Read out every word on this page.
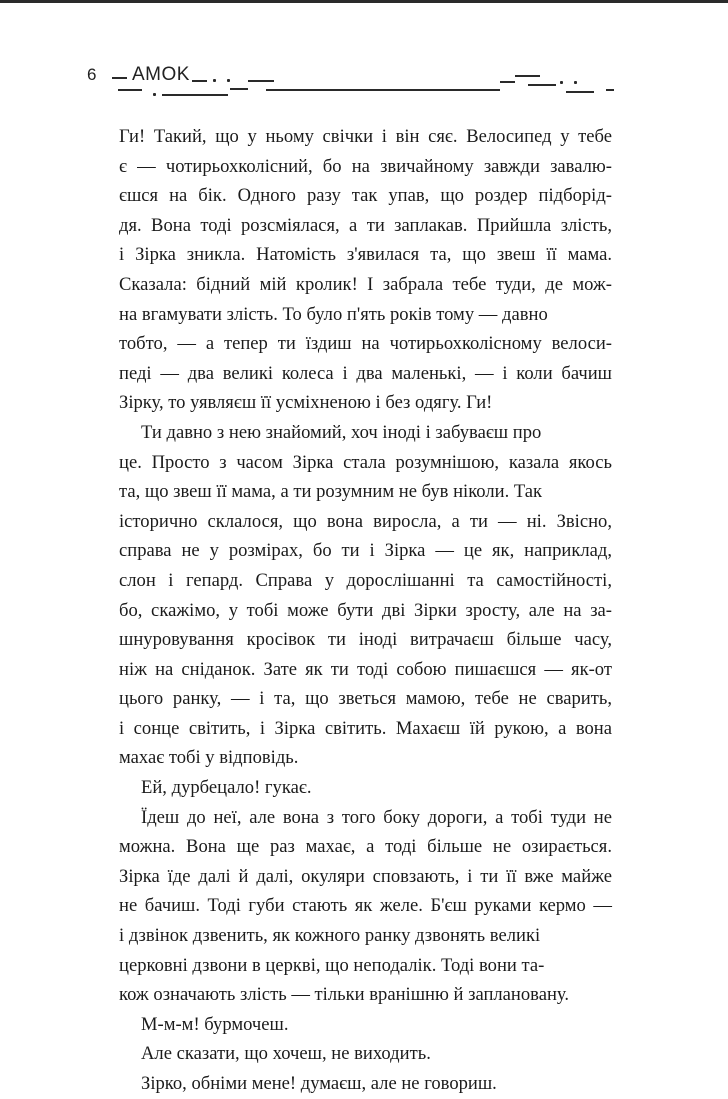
6 AMOK

Ги! Такий, що у ньому свічки і він сяє. Велосипед у тебе
є — чотирьохколісний, бо на звичайному завжди завалю-
єшся на бік. Одного разу так упав, що роздер підборід-
дя. Вона тоді розсміялася, а ти заплакав. Прийшла злість,
і Зірка зникла. Натомість з'явилася та, що звеш її мама.
Сказала: бідний мій кролик! І забрала тебе туди, де мож-
на вгамувати злість. То було п'ять років тому — давно
тобто, — а тепер ти їздиш на чотирьохколісному велоси-
педі — два великі колеса і два маленькі, — і коли бачиш
Зірку, то уявляєш її усміхненою і без одягу. Ги!

Ти давно з нею знайомий, хоч іноді і забуваєш про
це. Просто з часом Зірка стала розумнішою, казала якось
та, що звеш її мама, а ти розумним не був ніколи. Так
історично склалося, що вона виросла, а ти — ні. Звісно,
справа не у розмірах, бо ти і Зірка — це як, наприклад,
слон і гепард. Справа у дорослішанні та самостійності,
бо, скажімо, у тобі може бути дві Зірки зросту, але на за-
шнуровування кросівок ти іноді витрачаєш більше часу,
ніж на сніданок. Зате як ти тоді собою пишаєшся — як-от
цього ранку, — і та, що зветься мамою, тебе не сварить,
і сонце світить, і Зірка світить. Махаєш їй рукою, а вона
махає тобі у відповідь.

Ей, дурбецало! гукає.

Їдеш до неї, але вона з того боку дороги, а тобі туди не
можна. Вона ще раз махає, а тоді більше не озирається.
Зірка їде далі й далі, окуляри сповзають, і ти її вже майже
не бачиш. Тоді губи стають як желе. Б'єш руками кермо —
і дзвінок дзвенить, як кожного ранку дзвонять великі
церковні дзвони в церкві, що неподалік. Тоді вони та-
кож означають злість — тільки вранішню й заплановану.

М-м-м! бурмочеш.

Але сказати, що хочеш, не виходить.

Зірко, обніми мене! думаєш, але не говориш.
